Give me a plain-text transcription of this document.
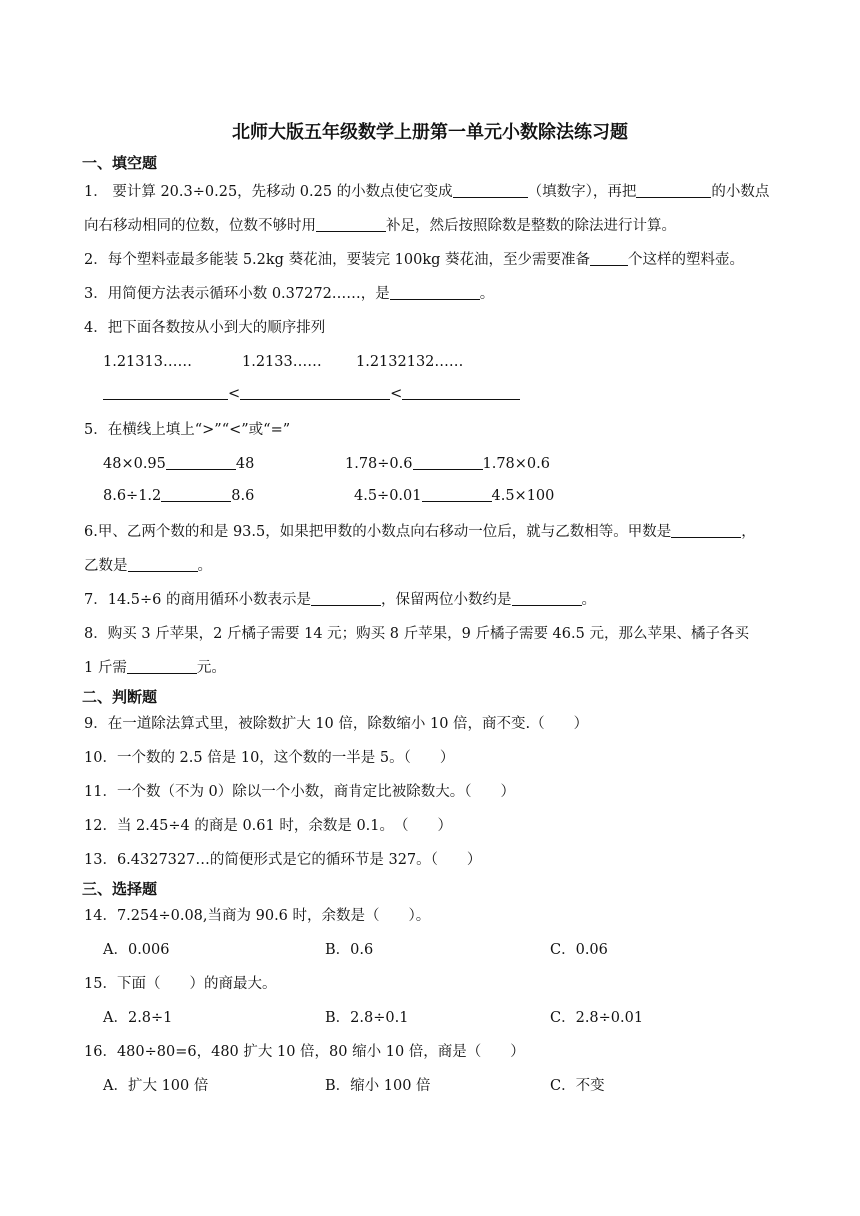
北师大版五年级数学上册第一单元小数除法练习题
一、填空题
1． 要计算 20.3÷0.25，先移动 0.25 的小数点使它变成	（填数字），再把	的小数点
向右移动相同的位数，位数不够时用	补足，然后按照除数是整数的除法进行计算。
2．每个塑料壶最多能装 5.2kg 葵花油，要装完 100kg 葵花油，至少需要准备	个这样的塑料壶。
3．用简便方法表示循环小数 0.37272……，是	。
4．把下面各数按从小到大的顺序排列
1.21313……	1.2133…… 1.2132132……
<	<
5．在横线上填上“>”“<”或“=”
48×0.95	48	1.78÷0.6	1.78×0.6
8.6÷1.2	8.6	4.5÷0.01	4.5×100
6.甲、乙两个数的和是 93.5，如果把甲数的小数点向右移动一位后，就与乙数相等。甲数是	，
乙数是	。
7．14.5÷6 的商用循环小数表示是	，保留两位小数约是	。
8．购买 3 斤苹果，2 斤橘子需要 14 元；购买 8 斤苹果，9 斤橘子需要 46.5 元，那么苹果、橘子各买
1 斤需	元。
二、判断题
9．在一道除法算式里，被除数扩大 10 倍，除数缩小 10 倍，商不变.（　　）
10．一个数的 2.5 倍是 10，这个数的一半是 5。（　　）
11．一个数（不为 0）除以一个小数，商肯定比被除数大。（　　）
12．当 2.45÷4 的商是 0.61 时，余数是 0.1。　（　　）
13．6.4327327…的简便形式是它的循环节是 327。（　　）
三、选择题
14．7.254÷0.08,当商为 90.6 时，余数是（　　）。
A．0.006	B．0.6	C．0.06
15．下面（　　）的商最大。
A．2.8÷1	B．2.8÷0.1	C．2.8÷0.01
16．480÷80=6，480 扩大 10 倍，80 缩小 10 倍，商是（　　）
A．扩大 100 倍	B．缩小 100 倍	C．不变
